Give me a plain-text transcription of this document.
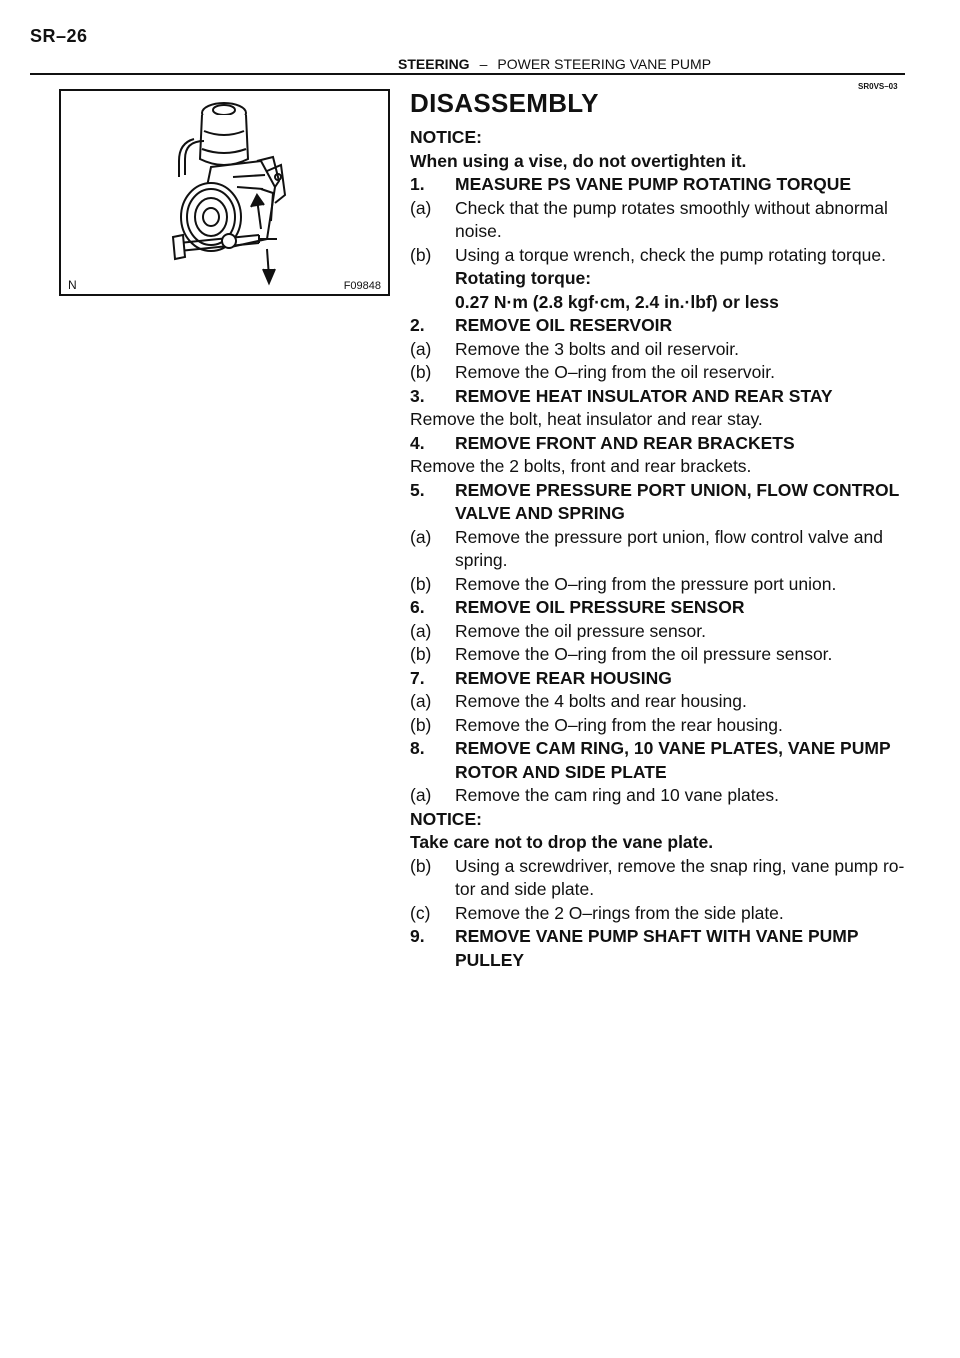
SR–26
STEERING – POWER STEERING VANE PUMP
SR0VS–03
N	F09848
DISASSEMBLY
NOTICE:
When using a vise, do not overtighten it.
1.	MEASURE PS VANE PUMP ROTATING TORQUE
(a)	Check that the pump rotates smoothly without abnormal
noise.
(b)	Using a torque wrench, check the pump rotating torque.
Rotating torque:
0.27 N·m (2.8 kgf·cm, 2.4 in.·lbf) or less
2.	REMOVE OIL RESERVOIR
(a)	Remove the 3 bolts and oil reservoir.
(b)	Remove the O–ring from the oil reservoir.
3.	REMOVE HEAT INSULATOR AND REAR STAY
Remove the bolt, heat insulator and rear stay.
4.	REMOVE FRONT AND REAR BRACKETS
Remove the 2 bolts, front and rear brackets.
5.	REMOVE PRESSURE PORT UNION, FLOW CONTROL
VALVE AND SPRING
(a)	Remove the pressure port union, flow control valve and
spring.
(b)	Remove the O–ring from the pressure port union.
6.	REMOVE OIL PRESSURE SENSOR
(a)	Remove the oil pressure sensor.
(b)	Remove the O–ring from the oil pressure sensor.
7.	REMOVE REAR HOUSING
(a)	Remove the 4 bolts and rear housing.
(b)	Remove the O–ring from the rear housing.
8.	REMOVE CAM RING, 10 VANE PLATES, VANE PUMP
ROTOR AND SIDE PLATE
(a)	Remove the cam ring and 10 vane plates.
NOTICE:
Take care not to drop the vane plate.
(b)	Using a screwdriver, remove the snap ring, vane pump ro-
tor and side plate.
(c)	Remove the 2 O–rings from the side plate.
9.	REMOVE VANE PUMP SHAFT WITH VANE PUMP
PULLEY
